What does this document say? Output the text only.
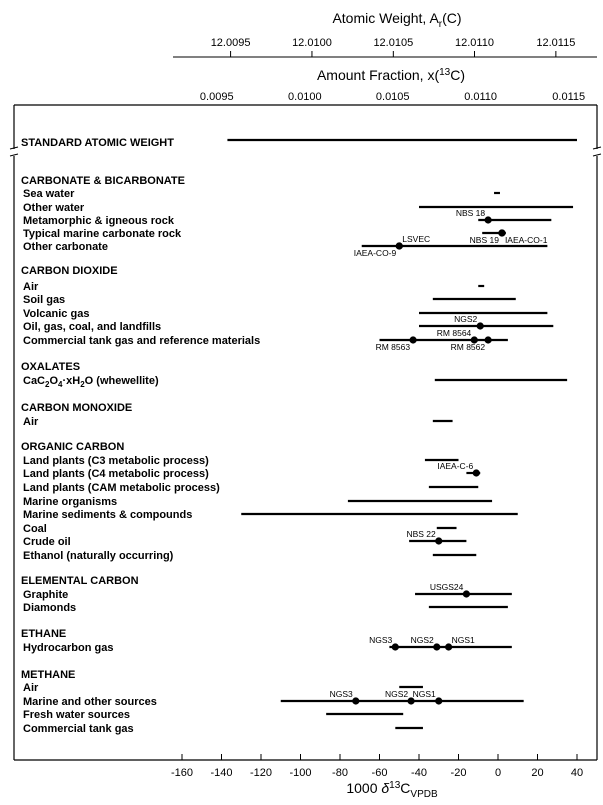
Atomic Weight, $A_r(C)$
12.0095	12.0100	12.0105	12.0110	12.0115
Amount Fraction, x($^{13}$C)
0.0095	0.0100	0.0105	0.0110	0.0115
STANDARD ATOMIC WEIGHT
CARBONATE & BICARBONATE
Sea water
Other water
Metamorphic & igneous rock
NBS 18
Typical marine carbonate rock	NBS 19 IAEA-CO-1
Other carbonate
LSVEC
IAEA-CO-9
CARBON DIOXIDE
Air
Soil gas
Volcanic gas
Oil, gas, coal, and landfills
NGS2
Commercial tank gas and reference materials	RM 8563
RM 8564
RM 8562
OXALATES
$CaC_2O_4\cdot xH_2O$ (whewellite)
CARBON MONOXIDE
Air
ORGANIC CARBON
Land plants (C3 metabolic process)
Land plants (C4 metabolic process)
IAEA-C-6
Land plants (CAM metabolic process)
Marine organisms
Marine sediments & compounds
Coal
Crude oil
NBS 22
Ethanol (naturally occurring)
ELEMENTAL CARBON
Graphite
USGS24
Diamonds
ETHANE
Hydrocarbon gas
NGS3 NGS2 NGS1
METHANE
Air
Marine and other sources
NGS3	NGS2 NGS1
Fresh water sources
Commercial tank gas
-160 -140 -120 -100 -80 -60 -40 -20	0	20 40
1000 $\delta^{13}C_{VPDB}$
